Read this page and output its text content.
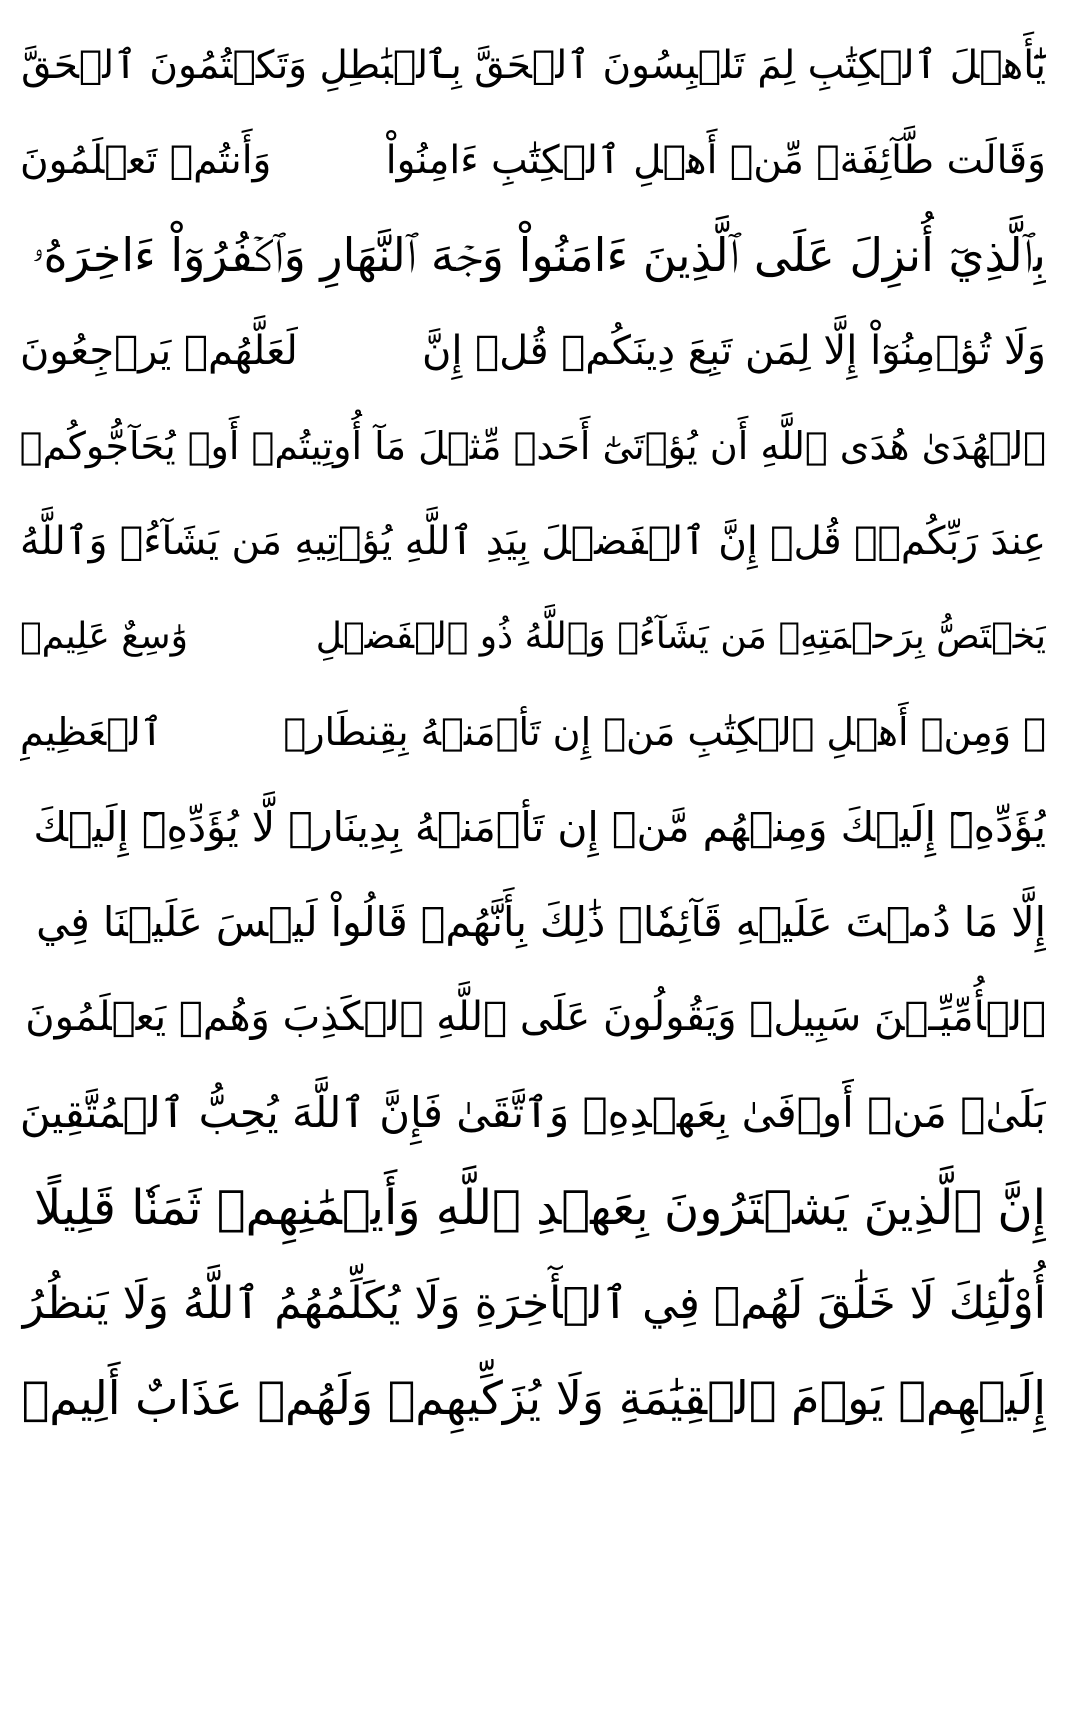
يَٰٓأَهۡلَ ٱلۡكِتَٰبِ لِمَ تَلۡبِسُونَ ٱلۡحَقَّ بِٱلۡبَٰطِلِ وَتَكۡتُمُونَ ٱلۡحَقَّ
وَقَالَت طَّآئِفَةٞ مِّنۡ أَهۡلِ ٱلۡكِتَٰبِ ءَامِنُواْ
وَأَنتُمۡ تَعۡلَمُونَ
بِٱلَّذِيٓ أُنزِلَ عَلَى ٱلَّذِينَ ءَامَنُواْ وَجۡهَ ٱلنَّهَارِ وَٱكۡفُرُوٓاْ ءَاخِرَهُۥ
وَلَا تُؤۡمِنُوٓاْ إِلَّا لِمَن تَبِعَ دِينَكُمۡ قُلۡ إِنَّ
لَعَلَّهُمۡ يَرۡجِعُونَ
ٱلۡهُدَىٰ هُدَى ٱللَّهِ أَن يُؤۡتَىٰٓ أَحَدٞ مِّثۡلَ مَآ أُوتِيتُمۡ أَوۡ يُحَآجُّوكُمۡ
عِندَ رَبِّكُمۡۗ قُلۡ إِنَّ ٱلۡفَضۡلَ بِيَدِ ٱللَّهِ يُؤۡتِيهِ مَن يَشَآءُۗ وَٱللَّهُ
يَخۡتَصُّ بِرَحۡمَتِهِۦ مَن يَشَآءُۗ وَٱللَّهُ ذُو ٱلۡفَضۡلِ
وَٰسِعٌ عَلِيمٞ
۞ وَمِنۡ أَهۡلِ ٱلۡكِتَٰبِ مَنۡ إِن تَأۡمَنۡهُ بِقِنطَارٖ
ٱلۡعَظِيمِ
يُؤَدِّهِۦٓ إِلَيۡكَ وَمِنۡهُم مَّنۡ إِن تَأۡمَنۡهُ بِدِينَارٖ لَّا يُؤَدِّهِۦٓ إِلَيۡكَ
إِلَّا مَا دُمۡتَ عَلَيۡهِ قَآئِمٗاۗ ذَٰلِكَ بِأَنَّهُمۡ قَالُواْ لَيۡسَ عَلَيۡنَا فِي
ٱلۡأُمِّيِّـۧنَ سَبِيلٞ وَيَقُولُونَ عَلَى ٱللَّهِ ٱلۡكَذِبَ وَهُمۡ يَعۡلَمُونَ
بَلَىٰۚ مَنۡ أَوۡفَىٰ بِعَهۡدِهِۦ وَٱتَّقَىٰ فَإِنَّ ٱللَّهَ يُحِبُّ ٱلۡمُتَّقِينَ
إِنَّ ٱلَّذِينَ يَشۡتَرُونَ بِعَهۡدِ ٱللَّهِ وَأَيۡمَٰنِهِمۡ ثَمَنٗا قَلِيلًا
أُوْلَٰٓئِكَ لَا خَلَٰقَ لَهُمۡ فِي ٱلۡأٓخِرَةِ وَلَا يُكَلِّمُهُمُ ٱللَّهُ وَلَا يَنظُرُ
إِلَيۡهِمۡ يَوۡمَ ٱلۡقِيَٰمَةِ وَلَا يُزَكِّيهِمۡ وَلَهُمۡ عَذَابٌ أَلِيمٞ
